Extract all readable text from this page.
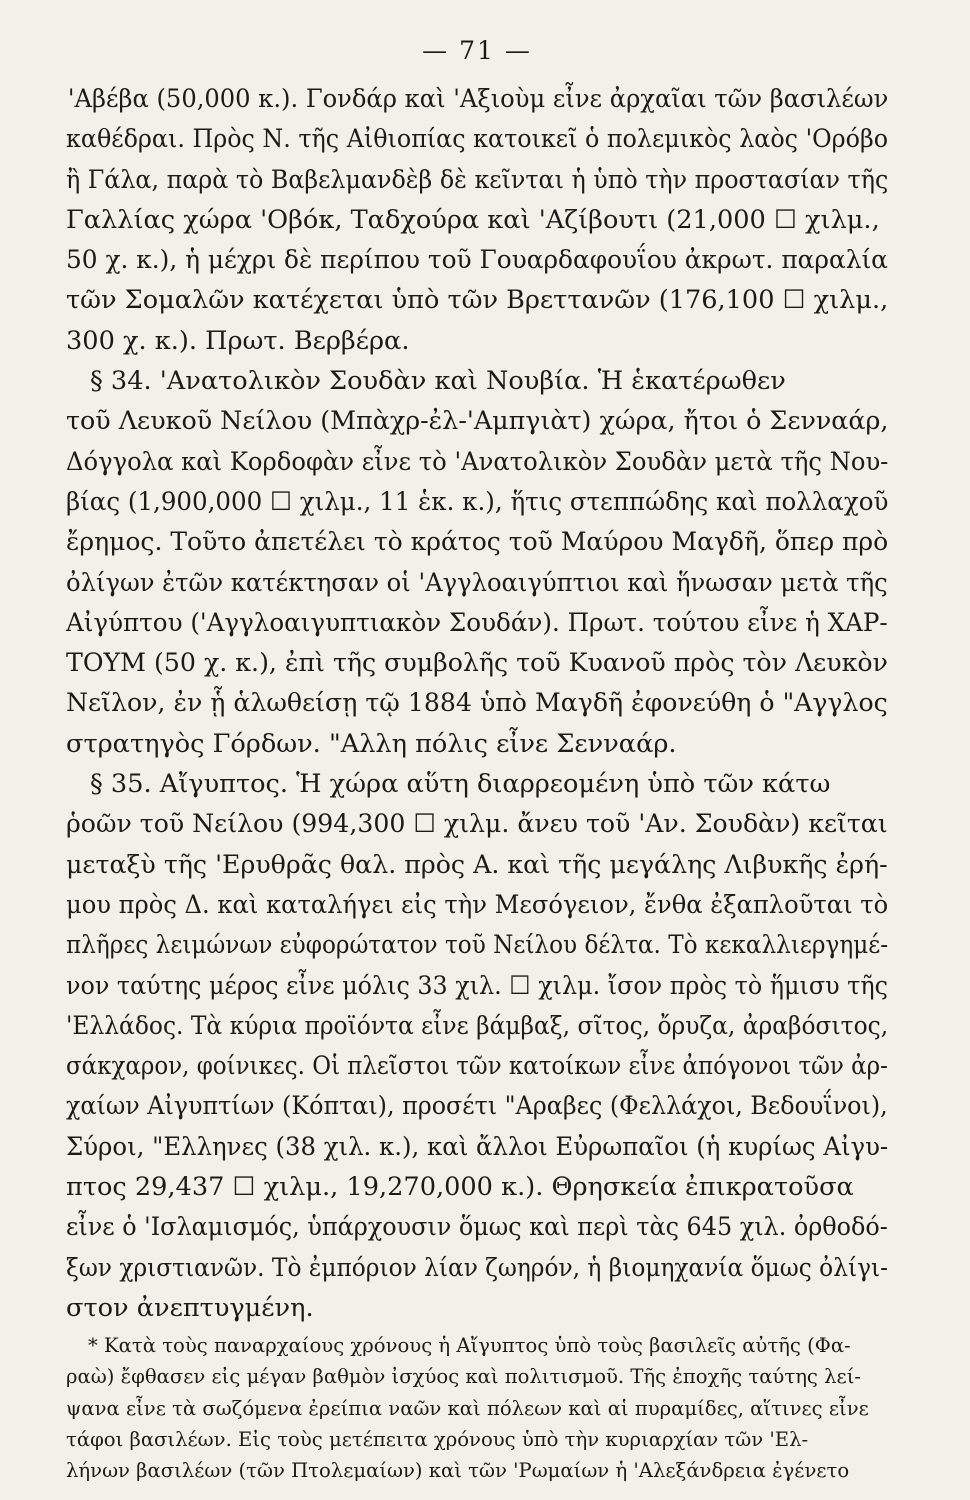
— 71 —
'Αβέβα (50,000 κ.). Γονδάρ καὶ 'Αξιοὺμ εἶνε ἀρχαῖαι τῶν βασιλέων
καθέδραι. Πρὸς Ν. τῆς Αἰθιοπίας κατοικεῖ ὁ πολεμικὸς λαὸς 'Ορόβο
ἢ Γάλα, παρὰ τὸ Βαβελμανδὲβ δὲ κεῖνται ἡ ὑπὸ τὴν προστασίαν τῆς
Γαλλίας χώρα 'Οβόκ, Ταδχούρα καὶ 'Αζίβουτι (21,000 ☐ χιλμ.,
50 χ. κ.), ἡ μέχρι δὲ περίπου τοῦ Γουαρδαφουΐου ἀκρωτ. παραλία
τῶν Σομαλῶν κατέχεται ὑπὸ τῶν Βρεττανῶν (176,100 ☐ χιλμ.,
300 χ. κ.). Πρωτ. Βερβέρα.
§ 34. 'Ανατολικὸν Σουδὰν καὶ Νουβία. Ἡ ἑκατέρωθεν
τοῦ Λευκοῦ Νείλου (Μπὰχρ-ἐλ-'Αμπγιὰτ) χώρα, ἤτοι ὁ Σενναάρ,
Δόγγολα καὶ Κορδοφὰν εἶνε τὸ 'Ανατολικὸν Σουδὰν μετὰ τῆς Νου-
βίας (1,900,000 ☐ χιλμ., 11 ἑκ. κ.), ἥτις στεππώδης καὶ πολλαχοῦ
ἔρημος. Τοῦτο ἀπετέλει τὸ κράτος τοῦ Μαύρου Μαγδῆ, ὅπερ πρὸ
ὀλίγων ἐτῶν κατέκτησαν οἱ 'Αγγλοαιγύπτιοι καὶ ἥνωσαν μετὰ τῆς
Αἰγύπτου ('Αγγλοαιγυπτιακὸν Σουδάν). Πρωτ. τούτου εἶνε ἡ ΧΑΡ-
ΤΟΥΜ (50 χ. κ.), ἐπὶ τῆς συμβολῆς τοῦ Κυανοῦ πρὸς τὸν Λευκὸν
Νεῖλον, ἐν ᾗ ἁλωθείσῃ τῷ 1884 ὑπὸ Μαγδῆ ἐφονεύθη ὁ "Αγγλος
στρατηγὸς Γόρδων. "Αλλη πόλις εἶνε Σενναάρ.
§ 35. Αἴγυπτος. Ἡ χώρα αὕτη διαρρεομένη ὑπὸ τῶν κάτω
ῥοῶν τοῦ Νείλου (994,300 ☐ χιλμ. ἄνευ τοῦ 'Αν. Σουδὰν) κεῖται
μεταξὺ τῆς 'Ερυθρᾶς θαλ. πρὸς Α. καὶ τῆς μεγάλης Λιβυκῆς ἐρή-
μου πρὸς Δ. καὶ καταλήγει εἰς τὴν Μεσόγειον, ἔνθα ἐξαπλοῦται τὸ
πλῆρες λειμώνων εὐφορώτατον τοῦ Νείλου δέλτα. Τὸ κεκαλλιεργημέ-
νον ταύτης μέρος εἶνε μόλις 33 χιλ. ☐ χιλμ. ἴσον πρὸς τὸ ἥμισυ τῆς
'Ελλάδος. Τὰ κύρια προϊόντα εἶνε βάμβαξ, σῖτος, ὄρυζα, ἀραβόσιτος,
σάκχαρον, φοίνικες. Οἱ πλεῖστοι τῶν κατοίκων εἶνε ἀπόγονοι τῶν ἀρ-
χαίων Αἰγυπτίων (Κόπται), προσέτι "Αραβες (Φελλάχοι, Βεδουΐνοι),
Σύροι, "Ελληνες (38 χιλ. κ.), καὶ ἄλλοι Εὐρωπαῖοι (ἡ κυρίως Αἰγυ-
πτος 29,437 ☐ χιλμ., 19,270,000 κ.). Θρησκεία ἐπικρατοῦσα
εἶνε ὁ 'Ισλαμισμός, ὑπάρχουσιν ὅμως καὶ περὶ τὰς 645 χιλ. ὀρθοδό-
ξων χριστιανῶν. Τὸ ἐμπόριον λίαν ζωηρόν, ἡ βιομηχανία ὅμως ὀλίγι-
στον ἀνεπτυγμένη.
* Κατὰ τοὺς παναρχαίους χρόνους ἡ Αἴγυπτος ὑπὸ τοὺς βασιλεῖς αὐτῆς (Φα-
ραὼ) ἔφθασεν εἰς μέγαν βαθμὸν ἰσχύος καὶ πολιτισμοῦ. Τῆς ἐποχῆς ταύτης λεί-
ψανα εἶνε τὰ σωζόμενα ἐρείπια ναῶν καὶ πόλεων καὶ αἱ πυραμίδες, αἵτινες εἶνε
τάφοι βασιλέων. Εἰς τοὺς μετέπειτα χρόνους ὑπὸ τὴν κυριαρχίαν τῶν 'Ελ-
λήνων βασιλέων (τῶν Πτολεμαίων) καὶ τῶν 'Ρωμαίων ἡ 'Αλεξάνδρεια ἐγένετο
